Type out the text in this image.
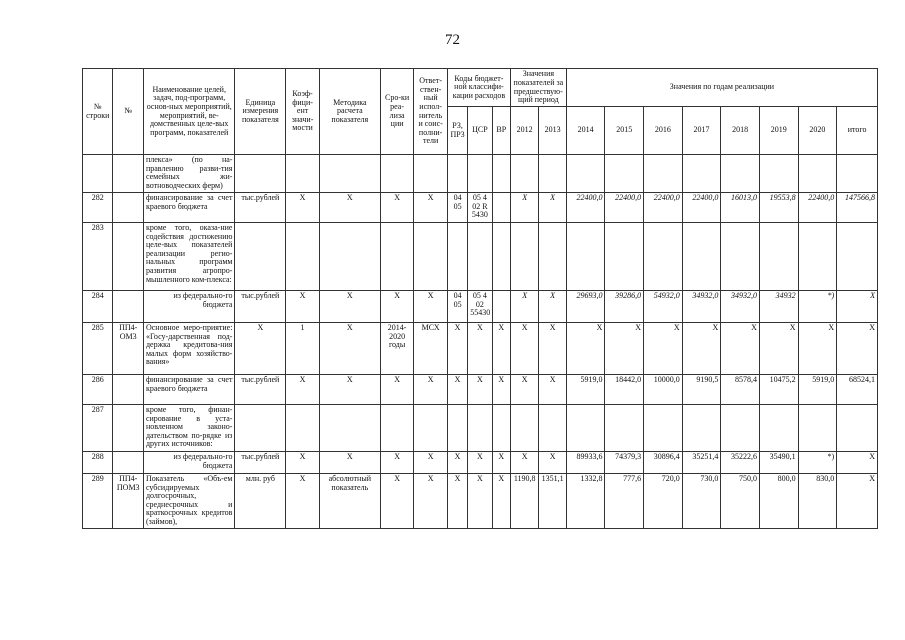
72
№ строки	№	Наименование целей, задач, под-программ, основ-ных мероприятий, мероприятий, ве-домственных целе-вых программ, показателей	Единица измерения показателя	Коэф-фици-ент значи-мости	Методика расчета показателя	Сро-ки реа-лиза ции	Ответ-ствен-ный испол-нитель и соис-полни-тели	Коды бюджет-ной классифи-кации расходов			Значения показателей за предшествую-щий период		Значения по годам реализации							
								РЗ, ПР3	ЦСР	ВР	2012	2013	2014	2015	2016	2017	2018	2019	2020	итого
		плекса» (по на-правлению разви-тия семейных жи-вотноводческих ферм)																		
282		финансирование за счет краевого бюджета	тыс.рублей	X	X	X	X	04 05	05 4 02 R 5430		X	X	22400,0	22400,0	22400,0	22400,0	16013,0	19553,8	22400,0	147566,8
283		кроме того, оказа-ние содействия достижению целе-вых показателей реализации регио-нальных программ развития агропро-мышленного ком-плекса:																		
284		из федерально-го бюджета	тыс.рублей	X	X	X	X	04 05	05 4 02 55430		X	X	29693,0	39286,0	54932,0	34932,0	34932,0	34932	*)	X
285	ПП4-ОМ3	Основное меро-приятие: «Госу-дарственная под-держка кредитова-ния малых форм хозяйство-вания»	X	1	X	2014-2020 годы	МСХ	X	X	X	X	X	X	X	X	X	X	X	X	X
286		финансирование за счет краевого бюджета	тыс.рублей	X	X	X	X	X	X	X	X	X	5919,0	18442,0	10000,0	9190,5	8578,4	10475,2	5919,0	68524,1
287		кроме того, финан-сирование в уста-новленном законо-дательством по-рядке из других источников:																		
288		из федерально-го бюджета	тыс.рублей	X	X	X	X	X	X	X	X	X	89933,6	74379,3	30896,4	35251,4	35222,6	35490,1	*)	X
289	ПП4-ПОМ3	Показатель «Объ-ем субсидируемых долгосрочных, среднесрочных и краткосрочных кредитов (займов),	млн. руб	X	абсолютный показатель	X	X	X	X	X	1190,8	1351,1	1332,8	777,6	720,0	730,0	750,0	800,0	830,0	X
